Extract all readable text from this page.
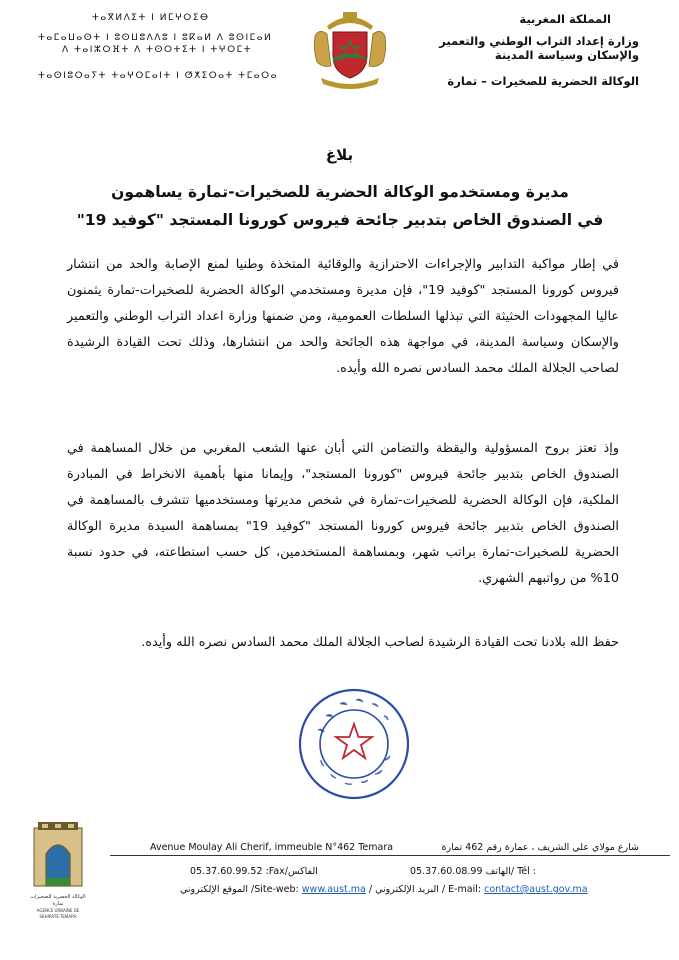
المملكة المغربية
وزارة إعداد التراب الوطني والتعمير
والإسكان وسياسة المدينة
الوكالة الحضرية للصخيرات – تمارة
ⵜⴰⴳⵍⴷⵉⵜ ⵏ ⵍⵎⵖⵔⵉⴱ
ⵜⴰⵎⴰⵡⴰⵙⵜ ⵏ ⵓⵙⵡⵓⴷⴷⵓ ⵏ ⵓⴽⴰⵍ ⴷ ⵓⵙⵏⵎⴰⵍ
ⴷ ⵜⴰⵏⵣⵔⴼⵜ ⴷ ⵜⵙⵔⵜⵉⵜ ⵏ ⵜⵖⵔⵎⵜ
ⵜⴰⵙⵏⵓⵔⴰⵢⵜ ⵜⴰⵖⵔⵎⴰⵏⵜ ⵏ ⵚⵅⵉⵔⴰⵜ ⵜⵎⴰⵔⴰ
بلاغ
مديرة ومستخدمو الوكالة الحضرية للصخيرات-تمارة يساهمون
في الصندوق الخاص بتدبير جائحة فيروس كورونا المستجد "كوفيد 19"

في إطار مواكبة التدابير والإجراءات الاحترازية والوقائية المتخذة وطنيا لمنع الإصابة والحد من انتشار فيروس كورونا المستجد "كوفيد 19"، فإن مديرة ومستخدمي الوكالة الحضرية للصخيرات-تمارة يثمنون عاليا المجهودات الحثيثة التي تبذلها السلطات العمومية، ومن ضمنها وزارة اعداد التراب الوطني والتعمير والإسكان وسياسة المدينة، في مواجهة هذه الجائحة والحد من انتشارها، وذلك تحت القيادة الرشيدة لصاحب الجلالة الملك محمد السادس نصره الله وأيده.

وإذ تعتز بروح المسؤولية واليقظة والتضامن التي أبان عنها الشعب المغربي من خلال المساهمة في الصندوق الخاص بتدبير جائحة فيروس "كورونا المستجد"، وإيمانا منها بأهمية الانخراط في المبادرة الملكية، فإن الوكالة الحضرية للصخيرات-تمارة في شخص مديرتها ومستخدميها تتشرف بالمساهمة في الصندوق الخاص بتدبير جائحة فيروس كورونا المستجد "كوفيد 19" بمساهمة السيدة مديرة الوكالة الحضرية للصخيرات-تمارة براتب شهر، وبمساهمة المستخدمين، كل حسب استطاعته، في حدود نسبة 10% من رواتبهم الشهري.

حفظ الله بلادنا تحت القيادة الرشيدة لصاحب الجلالة الملك محمد السادس نصره الله وأيده.

الوكالة الحضرية للصخيرات تمارة
AGENCE URBAINE DE SKHIRATE-TEMARA
Avenue Moulay Ali Cherif, immeuble N°462 Temara	شارع مولاي علي الشريف ، عمارة رقم 462 تمارة
05.37.60.99.52 :Fax/الفاكس	05.37.60.08.99 الهاتف/ Tél :
الموقع الإلكتروني /Site-web: www.aust.ma / البريد الإلكتروني / E-mail: contact@aust.gov.ma
